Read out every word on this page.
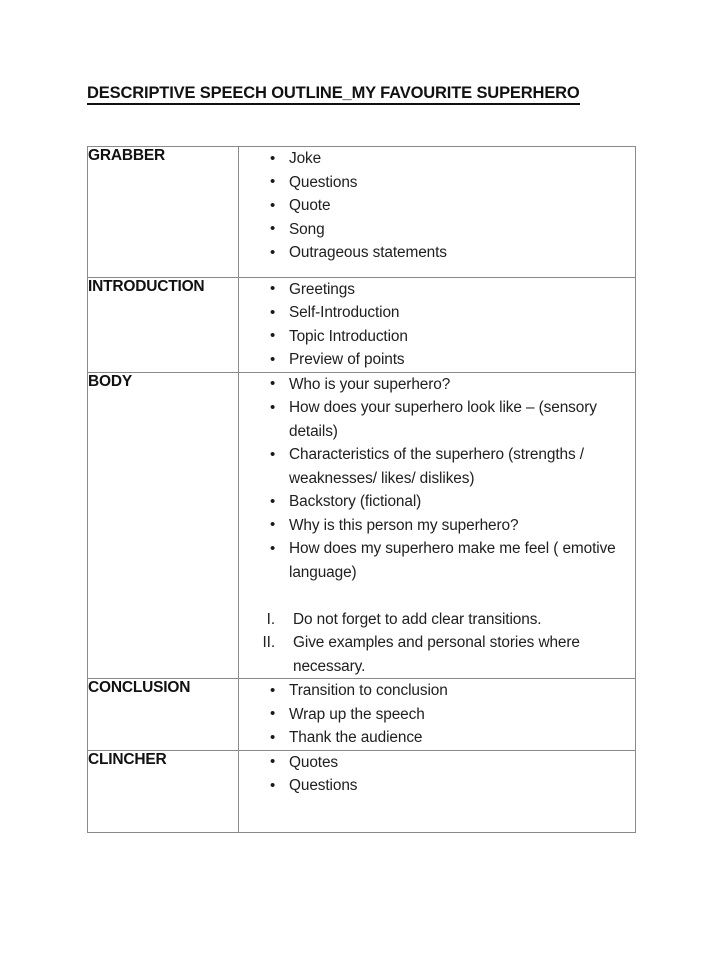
DESCRIPTIVE SPEECH OUTLINE_MY FAVOURITE SUPERHERO
GRABBER

•Joke
• Questions
• Quote
• Song
• Outrageous statements

INTRODUCTION

•Greetings
• Self-Introduction
• Topic Introduction
• Preview of points

BODY

•Who is your superhero?
• How does your superhero look like – (sensory details)
• Characteristics of the superhero (strengths / weaknesses/ likes/ dislikes)
• Backstory (fictional)
• Why is this person my superhero?
• How does my superhero make me feel ( emotive language)
I. Do not forget to add clear transitions.
II. Give examples and personal stories where necessary.

CONCLUSION

•Transition to conclusion
• Wrap up the speech
• Thank the audience

CLINCHER

•Quotes
• Questions
